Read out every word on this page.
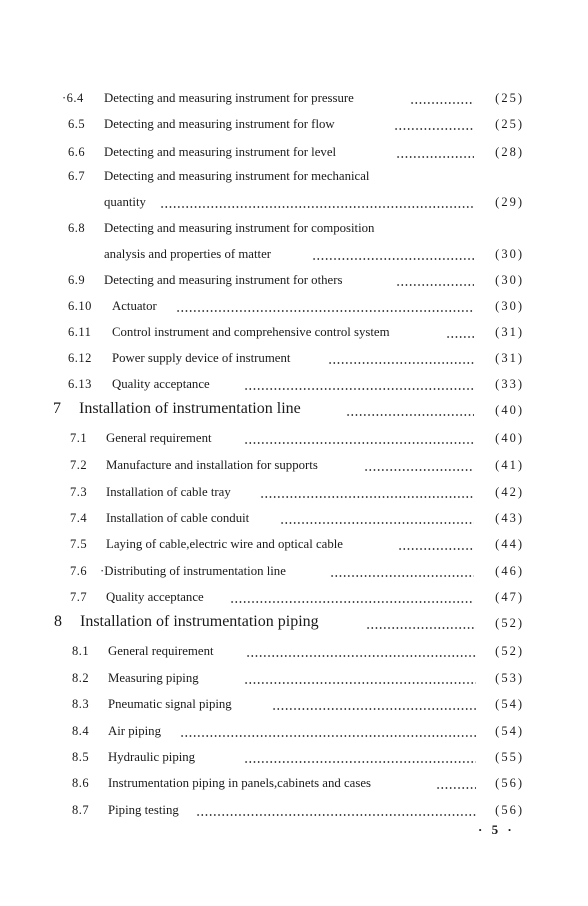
·6.4 Detecting and measuring instrument for pressure	(25)
6.5 Detecting and measuring instrument for flow	(25)
6.6 Detecting and measuring instrument for level	(28)
6.7 Detecting and measuring instrument for mechanical
quantity	(29)
6.8 Detecting and measuring instrument for composition
analysis and properties of matter	(30)
6.9 Detecting and measuring instrument for others	(30)
6.10 Actuator	(30)
6.11 Control instrument and comprehensive control system	(31)
6.12 Power supply device of instrument	(31)
6.13 Quality acceptance	(33)
7 Installation of instrumentation line	(40)
7.1 General requirement	(40)
7.2 Manufacture and installation for supports	(41)
7.3 Installation of cable tray	(42)
7.4 Installation of cable conduit	(43)
7.5 Laying of cable,electric wire and optical cable	(44)
7.6 ·Distributing of instrumentation line	(46)
7.7 Quality acceptance	(47)
8 Installation of instrumentation piping	(52)
8.1 General requirement	(52)
8.2 Measuring piping	(53)
8.3 Pneumatic signal piping	(54)
8.4 Air piping	(54)
8.5 Hydraulic piping	(55)
8.6 Instrumentation piping in panels,cabinets and cases	(56)
8.7 Piping testing	(56)
· 5 ·
